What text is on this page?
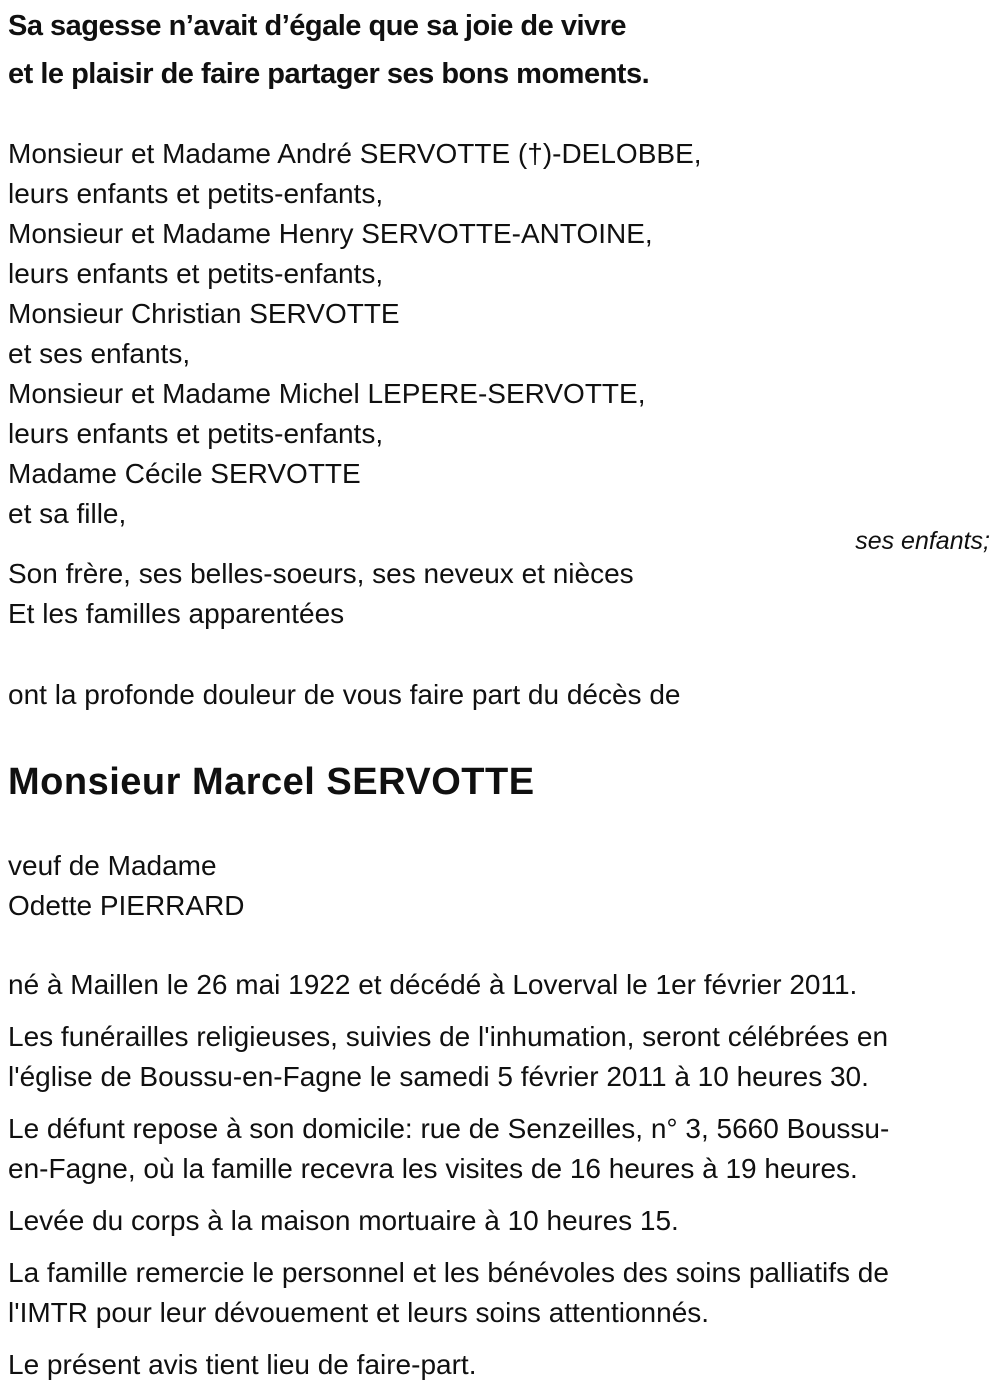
Sa sagesse n’avait d’égale que sa joie de vivre
et le plaisir de faire partager ses bons moments.
Monsieur et Madame André SERVOTTE (†)-DELOBBE,
leurs enfants et petits-enfants,
Monsieur et Madame Henry SERVOTTE-ANTOINE,
leurs enfants et petits-enfants,
Monsieur Christian SERVOTTE
et ses enfants,
Monsieur et Madame Michel LEPERE-SERVOTTE,
leurs enfants et petits-enfants,
Madame Cécile SERVOTTE
et sa fille,
ses enfants;
Son frère, ses belles-soeurs, ses neveux et nièces
Et les familles apparentées
ont la profonde douleur de vous faire part du décès de
Monsieur Marcel SERVOTTE
veuf de Madame
Odette PIERRARD

né à Maillen le 26 mai 1922 et décédé à Loverval le 1er février 2011.

Les funérailles religieuses, suivies de l'inhumation, seront célébrées en
l'église de Boussu-en-Fagne le samedi 5 février 2011 à 10 heures 30.

Le défunt repose à son domicile: rue de Senzeilles, n° 3, 5660 Boussu-
en-Fagne, où la famille recevra les visites de 16 heures à 19 heures.

Levée du corps à la maison mortuaire à 10 heures 15.

La famille remercie le personnel et les bénévoles des soins palliatifs de
l'IMTR pour leur dévouement et leurs soins attentionnés.

Le présent avis tient lieu de faire-part.
